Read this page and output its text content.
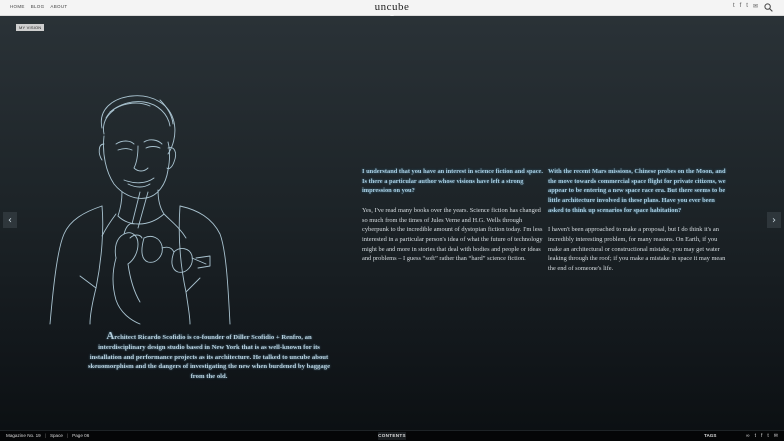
HOME BLOG ABOUT	uncube	t f t ✉
MY VISION
‹	›
Architect Ricardo Scofidio is co-founder of Diller Scofidio + Renfro, an interdisciplinary design studio based in New York that is as well-known for its installation and performance projects as its architecture. He talked to uncube about skeuomorphism and the dangers of investigating the new when burdened by baggage from the old.

I understand that you have an interest in science fiction and space. Is there a particular author whose visions have left a strong impression on you?

Yes, I've read many books over the years. Science fiction has changed so much from the times of Jules Verne and H.G. Wells through cyberpunk to the incredible amount of dystopian fiction today. I'm less interested in a particular person's idea of what the future of technology might be and more in stories that deal with bodies and people or ideas and problems – I guess “soft” rather than “hard” science fiction.

With the recent Mars missions, Chinese probes on the Moon, and the move towards commercial space flight for private citizens, we appear to be entering a new space race era. But there seems to be little architecture involved in these plans. Have you ever been asked to think up scenarios for space habitation?

I haven't been approached to make a proposal, but I do think it's an incredibly interesting problem, for many reasons. On Earth, if you make an architectural or constructional mistake, you may get water leaking through the roof; if you make a mistake in space it may mean the end of someone's life.

Magazine No. 19 | Space | Page 06	CONTENTS	TAGS	∞ t f t ✉
